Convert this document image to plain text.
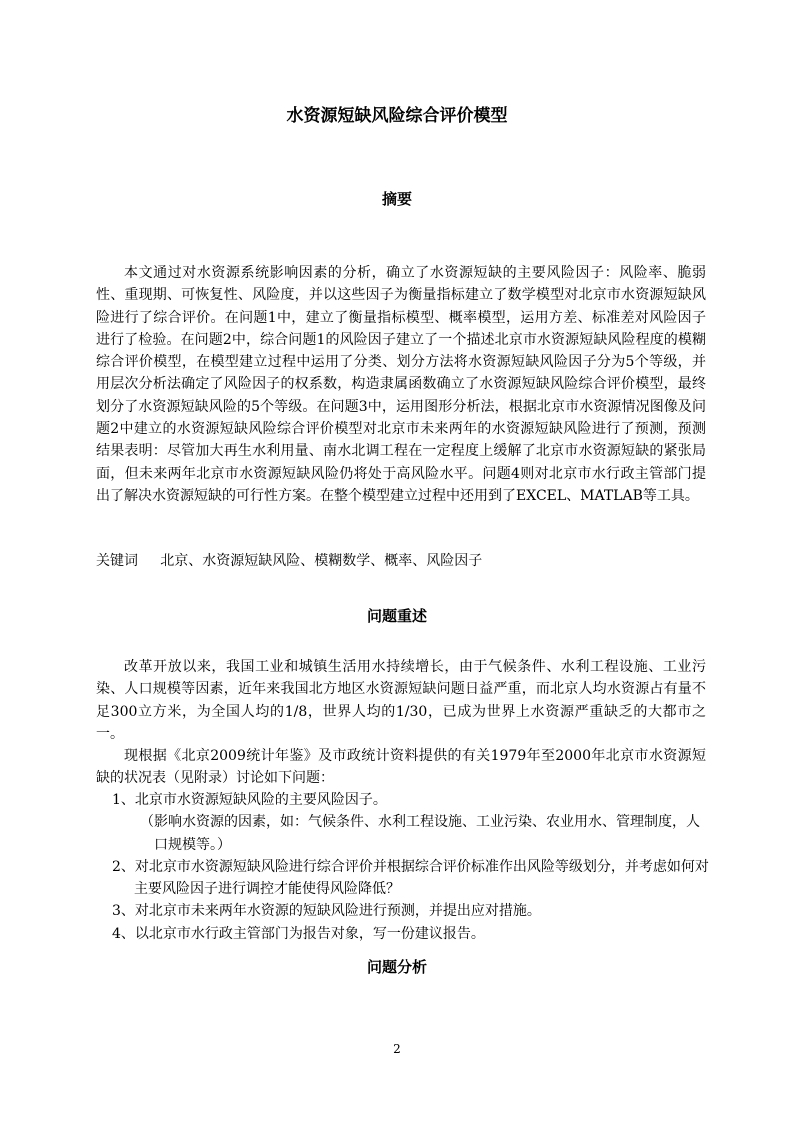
水资源短缺风险综合评价模型
摘要

本文通过对水资源系统影响因素的分析，确立了水资源短缺的主要风险因子：风险率、脆弱性、重现期、可恢复性、风险度，并以这些因子为衡量指标建立了数学模型对北京市水资源短缺风险进行了综合评价。在问题1中，建立了衡量指标模型、概率模型，运用方差、标准差对风险因子进行了检验。在问题2中，综合问题1的风险因子建立了一个描述北京市水资源短缺风险程度的模糊综合评价模型，在模型建立过程中运用了分类、划分方法将水资源短缺风险因子分为5个等级，并用层次分析法确定了风险因子的权系数，构造隶属函数确立了水资源短缺风险综合评价模型，最终划分了水资源短缺风险的5个等级。在问题3中，运用图形分析法，根据北京市水资源情况图像及问题2中建立的水资源短缺风险综合评价模型对北京市未来两年的水资源短缺风险进行了预测，预测结果表明：尽管加大再生水利用量、南水北调工程在一定程度上缓解了北京市水资源短缺的紧张局面，但未来两年北京市水资源短缺风险仍将处于高风险水平。问题4则对北京市水行政主管部门提出了解决水资源短缺的可行性方案。在整个模型建立过程中还用到了EXCEL、MATLAB等工具。

关键词 北京、水资源短缺风险、模糊数学、概率、风险因子
问题重述

改革开放以来，我国工业和城镇生活用水持续增长，由于气候条件、水利工程设施、工业污染、人口规模等因素，近年来我国北方地区水资源短缺问题日益严重，而北京人均水资源占有量不足300立方米，为全国人均的1/8，世界人均的1/30，已成为世界上水资源严重缺乏的大都市之一。

现根据《北京2009统计年鉴》及市政统计资料提供的有关1979年至2000年北京市水资源短缺的状况表（见附录）讨论如下问题：

1、北京市水资源短缺风险的主要风险因子。

（影响水资源的因素，如：气候条件、水利工程设施、工业污染、农业用水、管理制度，人口规模等。）

2、对北京市水资源短缺风险进行综合评价并根据综合评价标准作出风险等级划分，并考虑如何对主要风险因子进行调控才能使得风险降低？

3、对北京市未来两年水资源的短缺风险进行预测，并提出应对措施。

4、以北京市水行政主管部门为报告对象，写一份建议报告。

问题分析
2
